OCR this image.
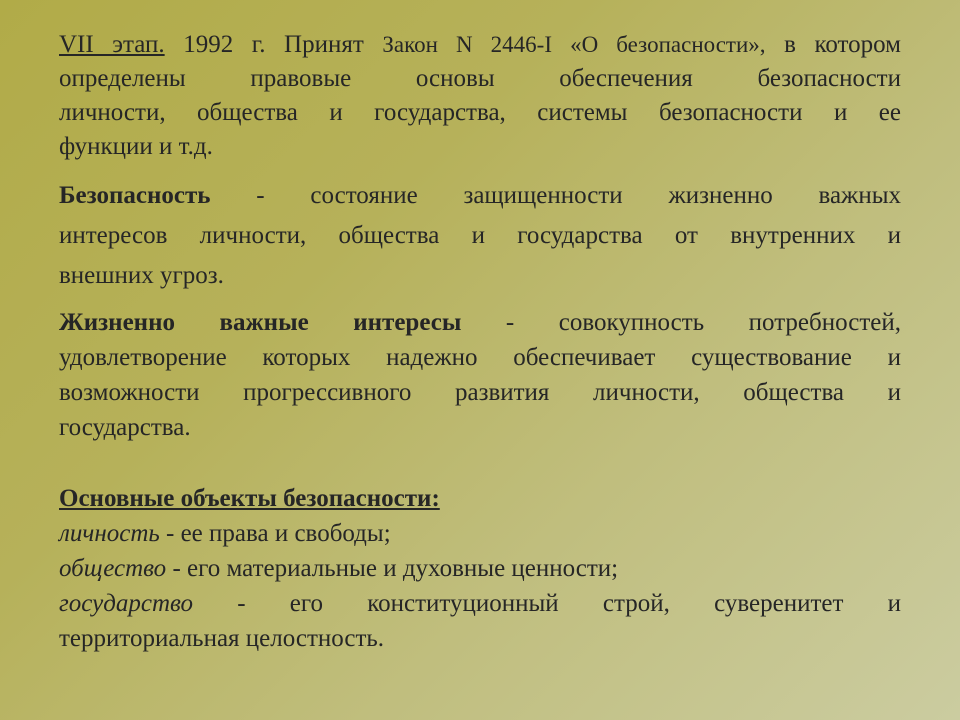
VII этап. 1992 г. Принят Закон N 2446-I «О безопасности», в котором
определены правовые основы обеспечения безопасности
личности, общества и государства, системы безопасности и ее
функции и т.д.
Безопасность - состояние защищенности жизненно важных
интересов личности, общества и государства от внутренних и
внешних угроз.
Жизненно важные интересы - совокупность потребностей,
удовлетворение которых надежно обеспечивает существование и
возможности прогрессивного развития личности, общества и
государства.
Основные объекты безопасности:
личность - ее права и свободы;
общество - его материальные и духовные ценности;
государство - его конституционный строй, суверенитет и
территориальная целостность.
